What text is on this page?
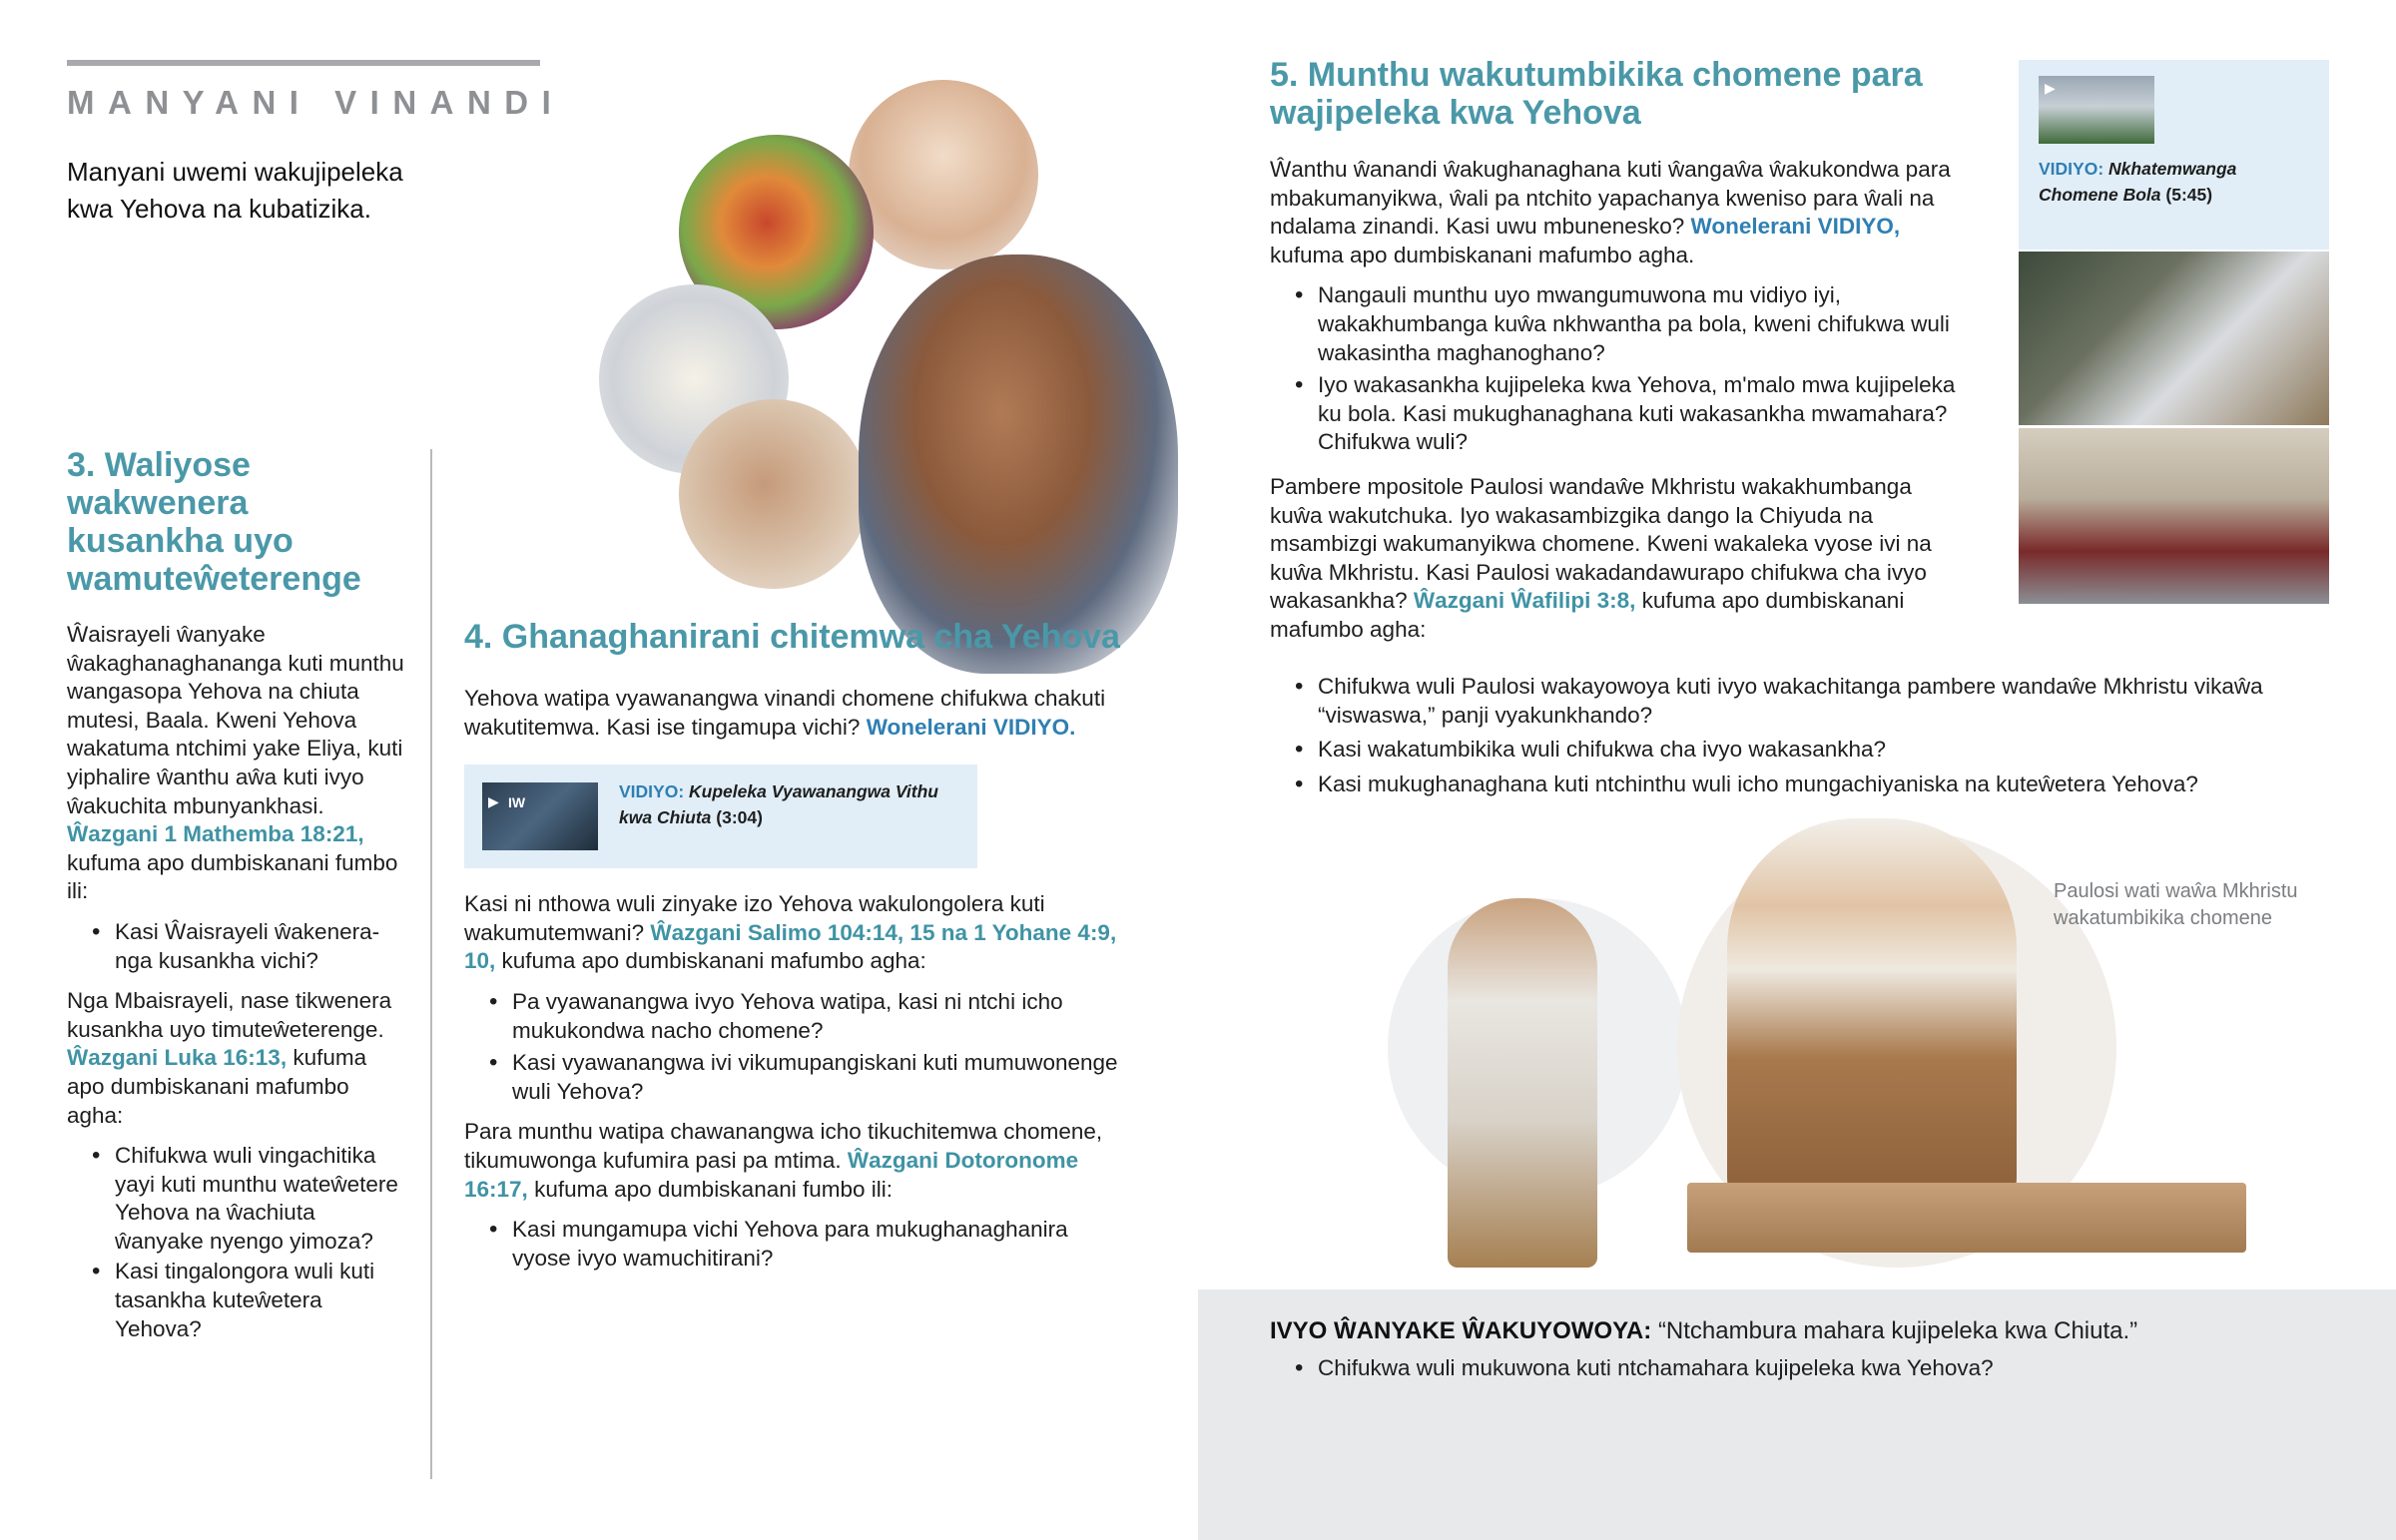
MANYANI VINANDI
Manyani uwemi wakujipeleka kwa Yehova na kubatizika.
3. Waliyose wakwenera kusankha uyo wamuteŵeterenge

Ŵaisrayeli ŵanyake ŵakaghanaghananga kuti munthu wangasopa Yehova na chiuta mutesi, Baala. Kweni Yehova wakatuma ntchimi yake Eliya, kuti yiphalire ŵanthu aŵa kuti ivyo ŵakuchita mbunyankhasi. Ŵazgani 1 Mathemba 18:21, kufuma apo dumbiskanani fumbo ili:

• Kasi Ŵaisrayeli ŵakenera-nga kusankha vichi?

Nga Mbaisrayeli, nase tikwenera kusankha uyo timuteŵeterenge. Ŵazgani Luka 16:13, kufuma apo dumbiskanani mafumbo agha:

• Chifukwa wuli vingachitika yayi kuti munthu wateŵetere Yehova na ŵachiuta ŵanyake nyengo yimoza?
• Kasi tingalongora wuli kuti tasankha kuteŵetera Yehova?
4. Ghanaghanirani chitemwa cha Yehova

Yehova watipa vyawanangwa vinandi chomene chifukwa chakuti wakutitemwa. Kasi ise tingamupa vichi? Wonelerani VIDIYO.

▶ IW
VIDIYO: Kupeleka Vyawanangwa Vithu kwa Chiuta (3:04)

Kasi ni nthowa wuli zinyake izo Yehova wakulongolera kuti wakumutemwani? Ŵazgani Salimo 104:14, 15 na 1 Yohane 4:9, 10, kufuma apo dumbiskanani mafumbo agha:

• Pa vyawanangwa ivyo Yehova watipa, kasi ni ntchi icho mukukondwa nacho chomene?
• Kasi vyawanangwa ivi vikumupangiskani kuti mumuwonenge wuli Yehova?

Para munthu watipa chawanangwa icho tikuchitemwa chomene, tikumuwonga kufumira pasi pa mtima. Ŵazgani Dotoronome 16:17, kufuma apo dumbiskanani fumbo ili:

• Kasi mungamupa vichi Yehova para mukughanaghanira vyose ivyo wamuchitirani?
5. Munthu wakutumbikika chomene para wajipeleka kwa Yehova

Ŵanthu ŵanandi ŵakughanaghana kuti ŵangaŵa ŵakukondwa para mbakumanyikwa, ŵali pa ntchito yapachanya kweniso para ŵali na ndalama zinandi. Kasi uwu mbunenesko? Wonelerani VIDIYO, kufuma apo dumbiskanani mafumbo agha.

• Nangauli munthu uyo mwangumuwona mu vidiyo iyi, wakakhumbanga kuŵa nkhwantha pa bola, kweni chifukwa wuli wakasintha maghanoghano?
• Iyo wakasankha kujipeleka kwa Yehova, m'malo mwa kujipeleka ku bola. Kasi mukughanaghana kuti wakasankha mwamahara? Chifukwa wuli?

Pambere mpositole Paulosi wandaŵe Mkhristu wakakhumbanga kuŵa wakutchuka. Iyo wakasambizgika dango la Chiyuda na msambizgi wakumanyikwa chomene. Kweni wakaleka vyose ivi na kuŵa Mkhristu. Kasi Paulosi wakadandawurapo chifukwa cha ivyo wakasankha? Ŵazgani Ŵafilipi 3:8, kufuma apo dumbiskanani mafumbo agha:

• Chifukwa wuli Paulosi wakayowoya kuti ivyo wakachitanga pambere wandaŵe Mkhristu vikaŵa “viswaswa,” panji vyakunkhando?
• Kasi wakatumbikika wuli chifukwa cha ivyo wakasankha?
• Kasi mukughanaghana kuti ntchinthu wuli icho mungachiyaniska na kuteŵetera Yehova?
▶
VIDIYO: Nkhatemwanga Chomene Bola (5:45)
Paulosi wati waŵa Mkhristu wakatumbikika chomene

IVYO ŴANYAKE ŴAKUYOWOYA: “Ntchambura mahara kujipeleka kwa Chiuta.”

• Chifukwa wuli mukuwona kuti ntchamahara kujipeleka kwa Yehova?
